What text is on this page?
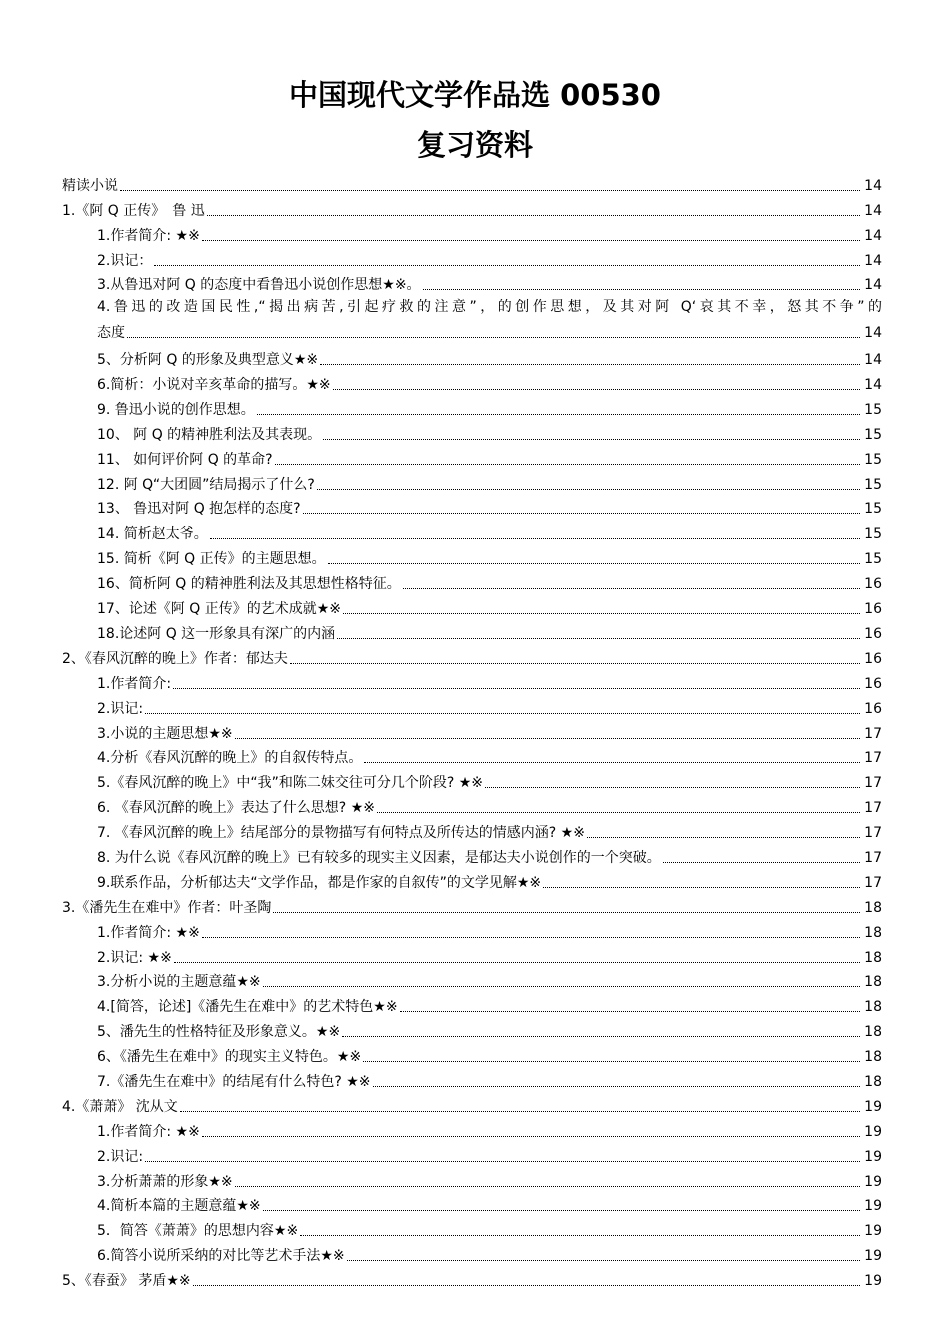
中国现代文学作品选 00530
复习资料
精读小说	14
1.《阿 Q 正传》　鲁 迅	14
1.作者简介: ★※	14
2.识记：	14
3.从鲁迅对阿 Q 的态度中看鲁迅小说创作思想★※。	14
4.鲁迅的改造国民性,“揭出病苦,引起疗救的注意”，的创作思想，及其对阿 Q‘哀其不幸，怒其不争”的
态度	14
5、分析阿 Q 的形象及典型意义★※	14
6.简析：小说对辛亥革命的描写。★※	14
9. 鲁迅小说的创作思想。	15
10、 阿 Q 的精神胜利法及其表现。	15
11、 如何评价阿 Q 的革命?	15
12. 阿 Q“大团圆”结局揭示了什么?	15
13、 鲁迅对阿 Q 抱怎样的态度?	15
14. 简析赵太爷。	15
15. 简析《阿 Q 正传》的主题思想。	15
16、简析阿 Q 的精神胜利法及其思想性格特征。	16
17、论述《阿 Q 正传》的艺术成就★※	16
18.论述阿 Q 这一形象具有深广的内涵	16
2、《春风沉醉的晚上》作者：郁达夫	16
1.作者简介:	16
2.识记:	16
3.小说的主题思想★※	17
4.分析《春风沉醉的晚上》的自叙传特点。	17
5.《春风沉醉的晚上》中“我”和陈二妹交往可分几个阶段? ★※	17
6. 《春风沉醉的晚上》表达了什么思想? ★※	17
7. 《春风沉醉的晚上》结尾部分的景物描写有何特点及所传达的情感内涵? ★※	17
8. 为什么说《春风沉醉的晚上》已有较多的现实主义因素，是郁达夫小说创作的一个突破。	17
9.联系作品，分析郁达夫“文学作品，都是作家的自叙传”的文学见解★※	17
3.《潘先生在难中》作者：叶圣陶	18
1.作者简介: ★※	18
2.识记: ★※	18
3.分析小说的主题意蕴★※	18
4.[简答，论述]《潘先生在难中》的艺术特色★※	18
5、潘先生的性格特征及形象意义。★※	18
6、《潘先生在难中》的现实主义特色。★※	18
7.《潘先生在难中》的结尾有什么特色? ★※	18
4.《萧萧》 沈从文	19
1.作者简介: ★※	19
2.识记:	19
3.分析萧萧的形象★※	19
4.简析本篇的主题意蕴★※	19
5．简答《萧萧》的思想内容★※	19
6.简答小说所采纳的对比等艺术手法★※	19
5、《春蚕》 茅盾★※	19
